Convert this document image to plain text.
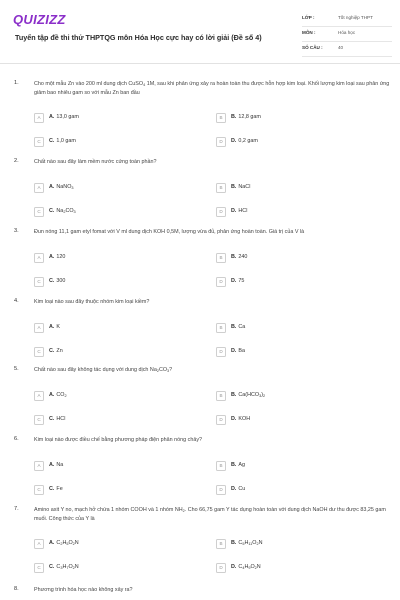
QUIZIZZ
Tuyển tập đề thi thử THPTQG môn Hóa Học cực hay có lời giải (Đề số 4)
LỚP :	Tốt nghiệp THPT
MÔN :	Hóa học
SỐ CÂU :	40
1.	Cho một mẫu Zn vào 200 ml dung dịch CuSO$_4$ 1M, sau khi phản ứng xảy ra hoàn toàn thu được hỗn hợp kim loại. Khối lượng kim loại sau phản ứng giảm bao nhiêu gam so với mẫu Zn ban đầu
A	A. 13,0 gam	B	B. 12,8 gam
C	C. 1,0 gam	D	D. 0,2 gam
2.	Chất nào sau đây làm mềm nước cứng toàn phần?
A	A. NaNO$_3$	B	B. NaCl
C	C. $Na_2CO_3$	D	D. HCl
3.	Đun nóng 11,1 gam etyl fomat với V ml dung dịch KOH 0,5M, lượng vừa đủ, phản ứng hoàn toàn. Giá trị của V là
A	A. 120	B	B. 240
C	C. 300	D	D. 75
4.	Kim loại nào sau đây thuộc nhóm kim loại kiềm?
A	A. K	B	B. Ca
C	C. Zn	D	D. Ba
5.	Chất nào sau đây không tác dụng với dung dịch $Na_2CO_3$?
A	A. $CO_2$	B	B. $Ca(HCO_3)_2$
C	C. HCl	D	D. KOH
6.	Kim loại nào được điều chế bằng phương pháp điện phân nóng chảy?
A	A. Na	B	B. Ag
C	C. Fe	D	D. Cu
7.	Amino axit Y no, mạch hở chứa 1 nhóm COOH và 1 nhóm $NH_2$. Cho 66,75 gam Y tác dụng hoàn toàn với dung dịch NaOH dư thu được 83,25 gam muối. Công thức của Y là
A	A. $C_2H_5O_2N$	B	B. $C_5H_{11}O_2N$
C	C. $C_3H_7O_2N$	D	D. $C_4H_9O_2N$
8.	Phương trình hóa học nào không xảy ra?
